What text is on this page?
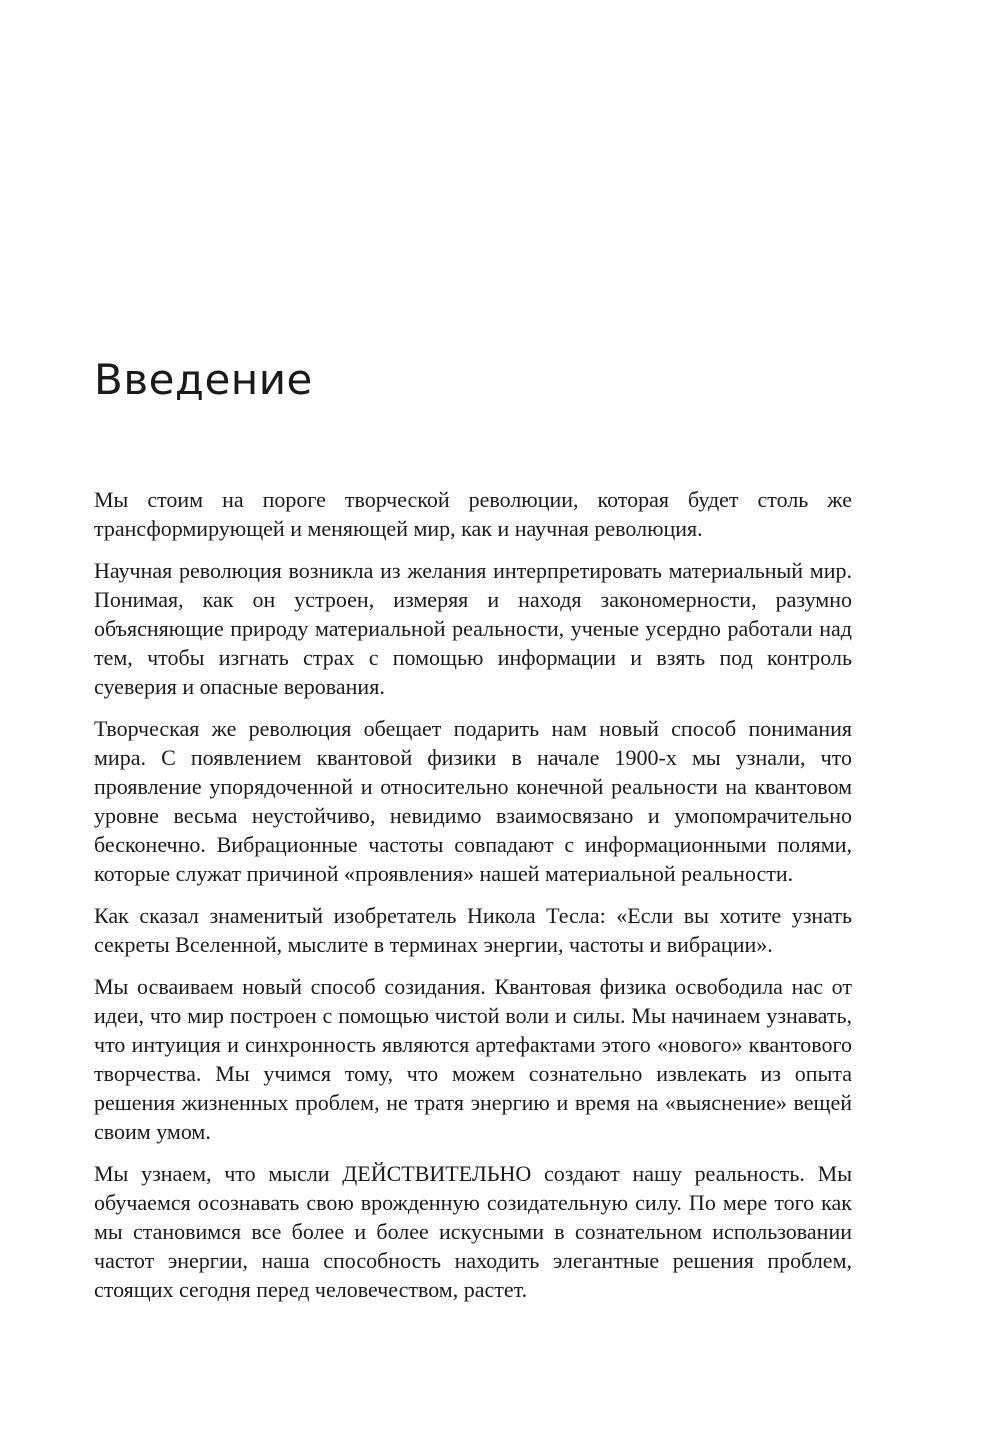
Введение

Мы стоим на пороге творческой революции, которая будет столь же трансформирующей и меняющей мир, как и научная революция.

Научная революция возникла из желания интерпретировать материальный мир. Понимая, как он устроен, измеряя и находя закономерности, разумно объясняющие природу материальной реальности, ученые усердно работали над тем, чтобы изгнать страх с помощью информации и взять под контроль суеверия и опасные верования.

Творческая же революция обещает подарить нам новый способ понимания мира. С появлением квантовой физики в начале 1900-х мы узнали, что проявление упорядоченной и относительно конечной реальности на квантовом уровне весьма неустойчиво, невидимо взаимосвязано и умопомрачительно бесконечно. Вибрационные частоты совпадают с информационными полями, которые служат причиной «проявления» нашей материальной реальности.

Как сказал знаменитый изобретатель Никола Тесла: «Если вы хотите узнать секреты Вселенной, мыслите в терминах энергии, частоты и вибрации».

Мы осваиваем новый способ созидания. Квантовая физика освободила нас от идеи, что мир построен с помощью чистой воли и силы. Мы начинаем узнавать, что интуиция и синхронность являются артефактами этого «нового» квантового творчества. Мы учимся тому, что можем сознательно извлекать из опыта решения жизненных проблем, не тратя энергию и время на «выяснение» вещей своим умом.

Мы узнаем, что мысли ДЕЙСТВИТЕЛЬНО создают нашу реальность. Мы обучаемся осознавать свою врожденную созидательную силу. По мере того как мы становимся все более и более искусными в сознательном использовании частот энергии, наша способность находить элегантные решения проблем, стоящих сегодня перед человечеством, растет.
